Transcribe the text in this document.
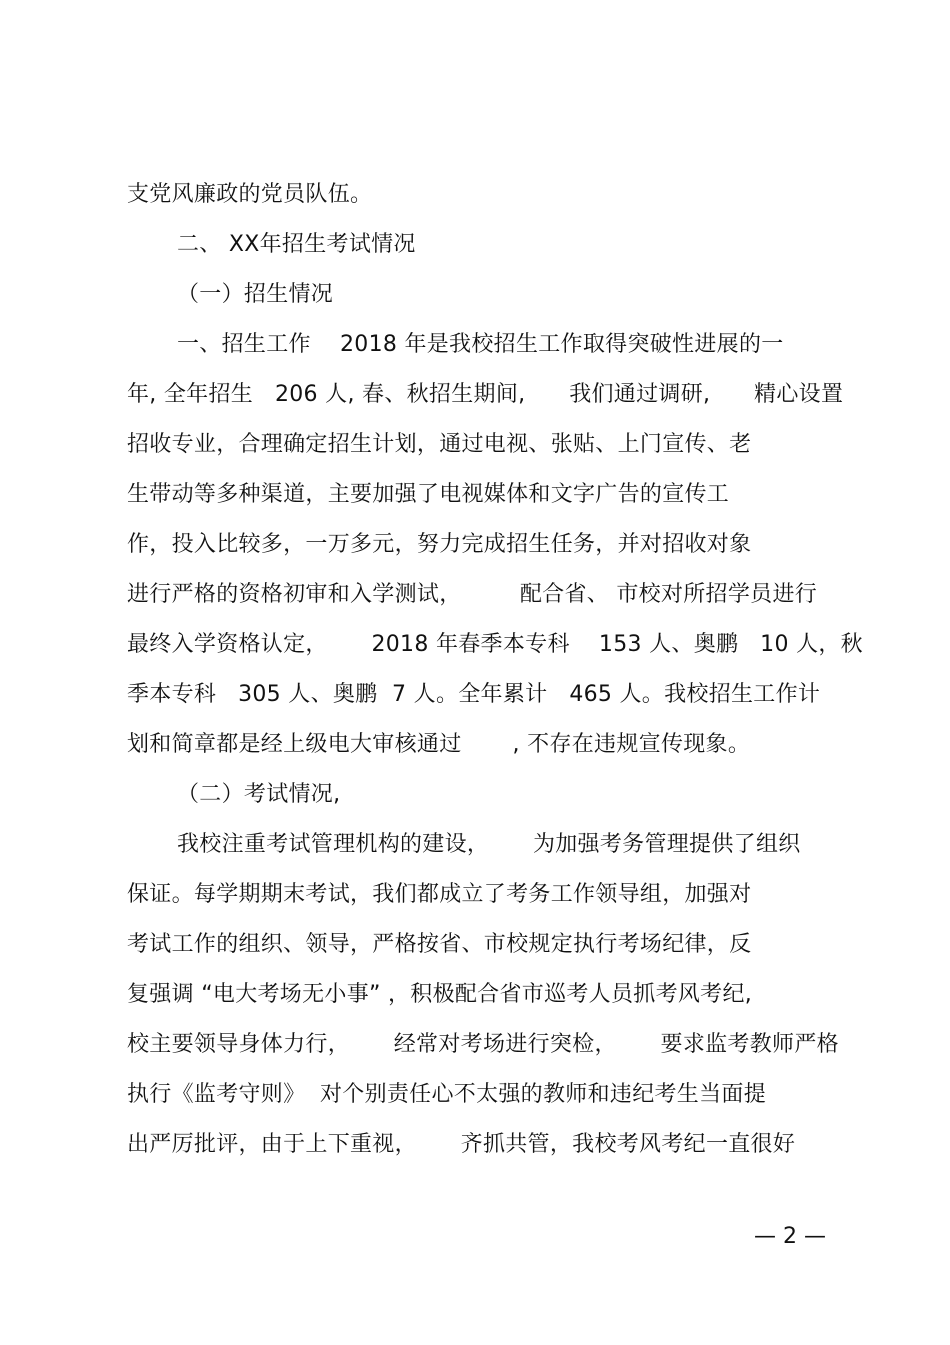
支党风廉政的党员队伍。
二、 XX年招生考试情况
（一）招生情况
一、招生工作    2018 年是我校招生工作取得突破性进展的一
年, 全年招生   206 人, 春、秋招生期间,      我们通过调研,      精心设置
招收专业，合理确定招生计划，通过电视、张贴、上门宣传、老
生带动等多种渠道，主要加强了电视媒体和文字广告的宣传工
作，投入比较多，一万多元，努力完成招生任务，并对招收对象
进行严格的资格初审和入学测试，        配合省、 市校对所招学员进行
最终入学资格认定，      2018 年春季本专科    153 人、奥鹏   10 人，秋
季本专科   305 人、奥鹏  7 人。全年累计   465 人。我校招生工作计
划和简章都是经上级电大审核通过       , 不存在违规宣传现象。
（二）考试情况,
我校注重考试管理机构的建设，      为加强考务管理提供了组织
保证。每学期期末考试，我们都成立了考务工作领导组，加强对
考试工作的组织、领导，严格按省、市校规定执行考场纪律，反
复强调 “电大考场无小事” ，积极配合省市巡考人员抓考风考纪,
校主要领导身体力行，      经常对考场进行突检，      要求监考教师严格
执行《监考守则》  对个别责任心不太强的教师和违纪考生当面提
出严厉批评，由于上下重视，      齐抓共管，我校考风考纪一直很好
— 2 —
